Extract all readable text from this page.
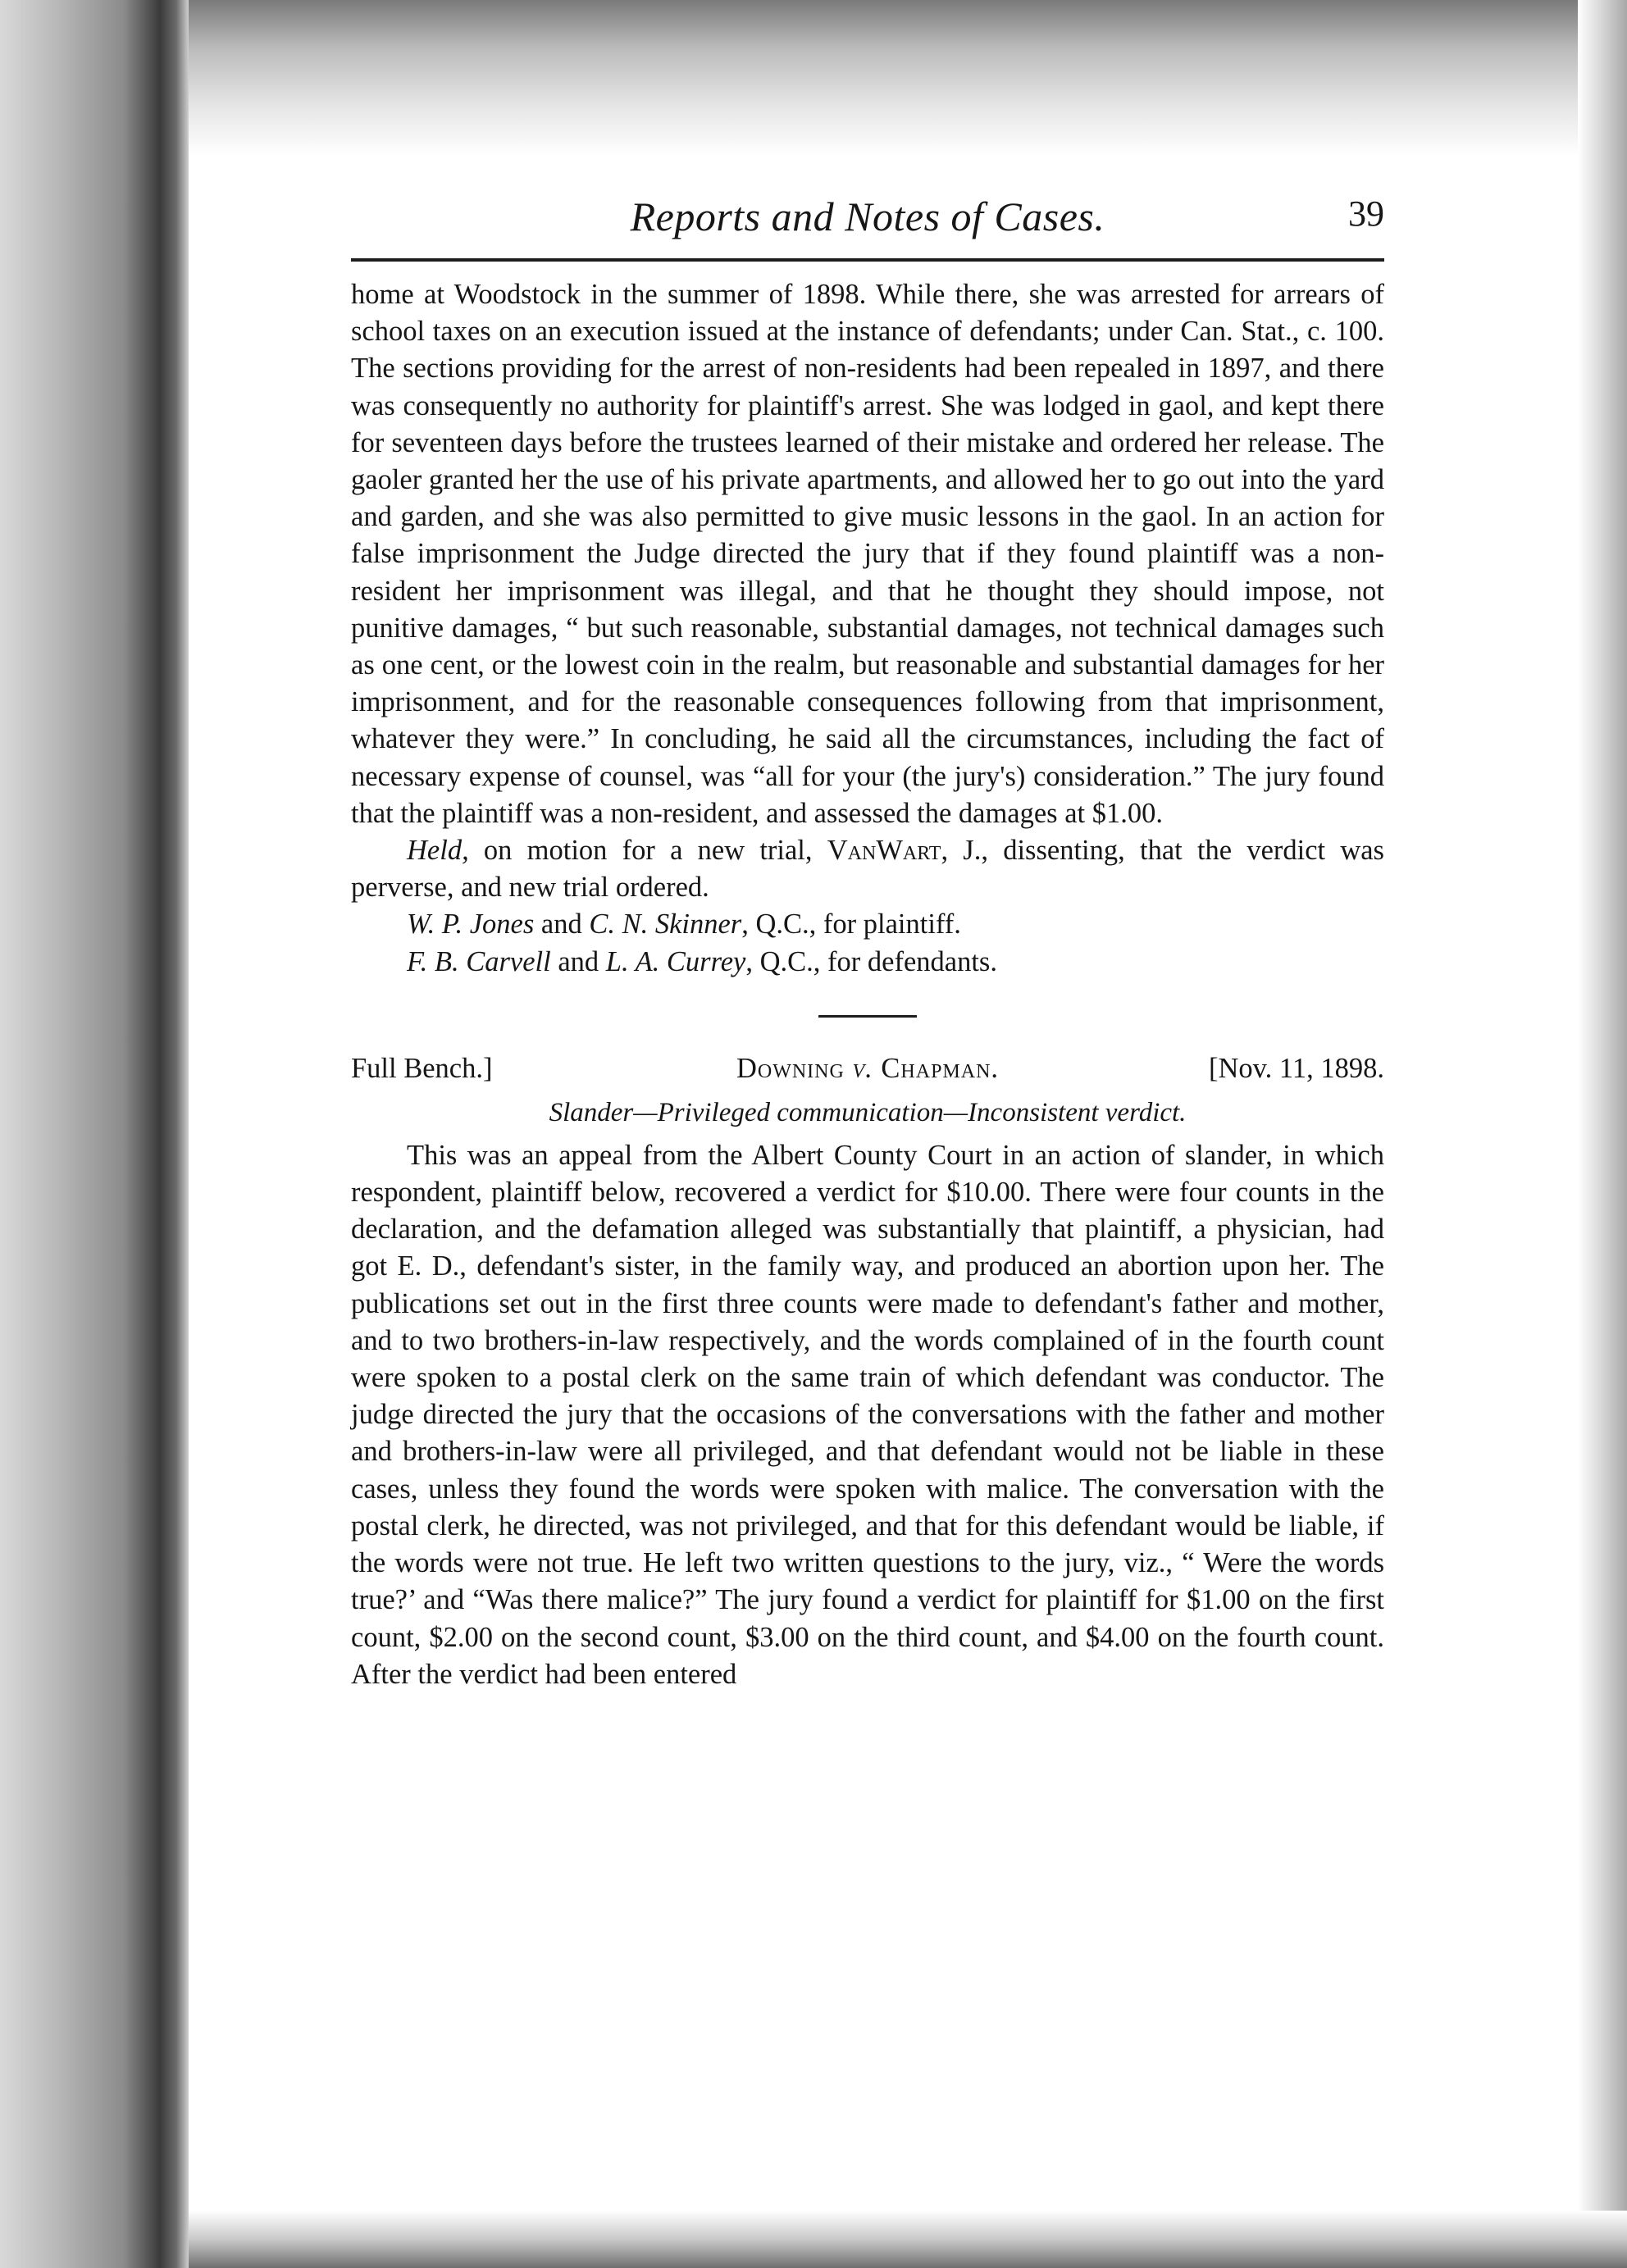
Reports and Notes of Cases.	39

home at Woodstock in the summer of 1898. While there, she was arrested for arrears of school taxes on an execution issued at the instance of defendants; under Can. Stat., c. 100. The sections providing for the arrest of non-residents had been repealed in 1897, and there was consequently no authority for plaintiff's arrest. She was lodged in gaol, and kept there for seventeen days before the trustees learned of their mistake and ordered her release. The gaoler granted her the use of his private apartments, and allowed her to go out into the yard and garden, and she was also permitted to give music lessons in the gaol. In an action for false imprisonment the Judge directed the jury that if they found plaintiff was a non-resident her imprisonment was illegal, and that he thought they should impose, not punitive damages, “ but such reasonable, substantial damages, not technical damages such as one cent, or the lowest coin in the realm, but reasonable and substantial damages for her imprisonment, and for the reasonable consequences following from that imprisonment, whatever they were.” In concluding, he said all the circumstances, including the fact of necessary expense of counsel, was “all for your (the jury's) consideration.” The jury found that the plaintiff was a non-resident, and assessed the damages at $1.00.

Held, on motion for a new trial, VanWart, J., dissenting, that the verdict was perverse, and new trial ordered.

W. P. Jones and C. N. Skinner, Q.C., for plaintiff.

F. B. Carvell and L. A. Currey, Q.C., for defendants.

Full Bench.]	Downing v. Chapman.	[Nov. 11, 1898.
Slander—Privileged communication—Inconsistent verdict.

This was an appeal from the Albert County Court in an action of slander, in which respondent, plaintiff below, recovered a verdict for $10.00. There were four counts in the declaration, and the defamation alleged was substantially that plaintiff, a physician, had got E. D., defendant's sister, in the family way, and produced an abortion upon her. The publications set out in the first three counts were made to defendant's father and mother, and to two brothers-in-law respectively, and the words complained of in the fourth count were spoken to a postal clerk on the same train of which defendant was conductor. The judge directed the jury that the occasions of the conversations with the father and mother and brothers-in-law were all privileged, and that defendant would not be liable in these cases, unless they found the words were spoken with malice. The conversation with the postal clerk, he directed, was not privileged, and that for this defendant would be liable, if the words were not true. He left two written questions to the jury, viz., “ Were the words true?’ and “Was there malice?” The jury found a verdict for plaintiff for $1.00 on the first count, $2.00 on the second count, $3.00 on the third count, and $4.00 on the fourth count. After the verdict had been entered
